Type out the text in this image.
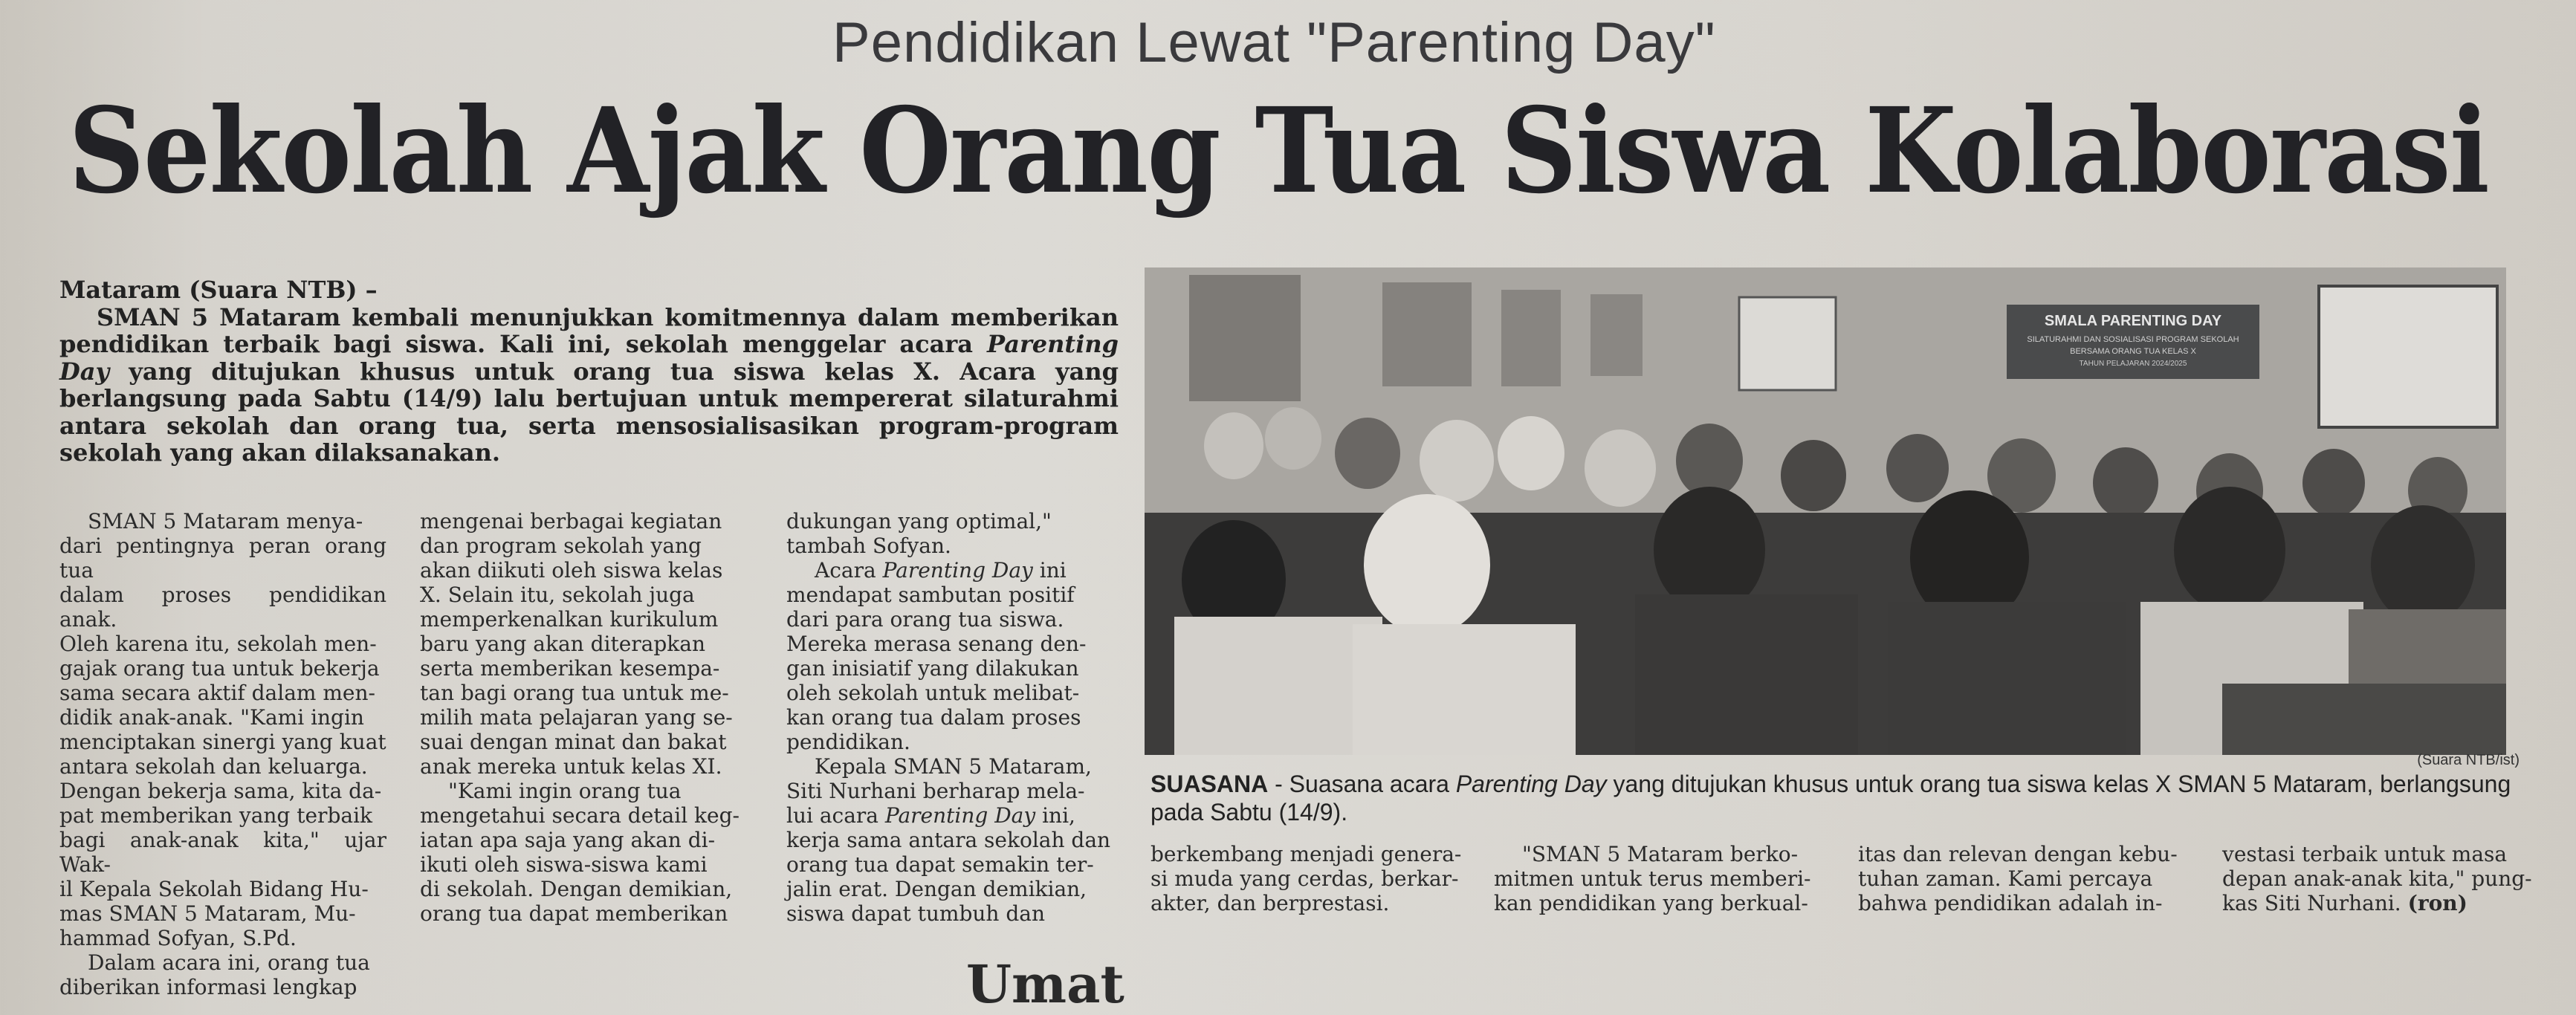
Pendidikan Lewat "Parenting Day"
Sekolah Ajak Orang Tua Siswa Kolaborasi

Mataram (Suara NTB) –

SMAN 5 Mataram kembali menunjukkan komitmennya dalam memberikan pendidikan terbaik bagi siswa. Kali ini, sekolah menggelar acara Parenting Day yang ditujukan khusus untuk orang tua siswa kelas X. Acara yang berlangsung pada Sabtu (14/9) lalu bertujuan untuk mempererat silaturahmi antara sekolah dan orang tua, serta mensosialisasikan program-program sekolah yang akan dilaksanakan.

SMAN 5 Mataram menya-
dari pentingnya peran orang tua
dalam proses pendidikan anak.
Oleh karena itu, sekolah men-
gajak orang tua untuk bekerja
sama secara aktif dalam men-
didik anak-anak. "Kami ingin
menciptakan sinergi yang kuat
antara sekolah dan keluarga.
Dengan bekerja sama, kita da-
pat memberikan yang terbaik
bagi anak-anak kita," ujar Wak-
il Kepala Sekolah Bidang Hu-
mas SMAN 5 Mataram, Mu-
hammad Sofyan, S.Pd.

Dalam acara ini, orang tua
diberikan informasi lengkap

mengenai berbagai kegiatan
dan program sekolah yang
akan diikuti oleh siswa kelas
X. Selain itu, sekolah juga
memperkenalkan kurikulum
baru yang akan diterapkan
serta memberikan kesempa-
tan bagi orang tua untuk me-
milih mata pelajaran yang se-
suai dengan minat dan bakat
anak mereka untuk kelas XI.

"Kami ingin orang tua
mengetahui secara detail keg-
iatan apa saja yang akan di-
ikuti oleh siswa-siswa kami
di sekolah. Dengan demikian,
orang tua dapat memberikan

dukungan yang optimal,"
tambah Sofyan.

Acara Parenting Day ini
mendapat sambutan positif
dari para orang tua siswa.
Mereka merasa senang den-
gan inisiatif yang dilakukan
oleh sekolah untuk melibat-
kan orang tua dalam proses
pendidikan.

Kepala SMAN 5 Mataram,
Siti Nurhani berharap mela-
lui acara Parenting Day ini,
kerja sama antara sekolah dan
orang tua dapat semakin ter-
jalin erat. Dengan demikian,
siswa dapat tumbuh dan

SMALA PARENTING DAY
SILATURAHMI DAN SOSIALISASI PROGRAM SEKOLAH
BERSAMA ORANG TUA KELAS X
TAHUN PELAJARAN 2024/2025
(Suara NTB/ist)
SUASANA - Suasana acara Parenting Day yang ditujukan khusus untuk orang tua siswa kelas X SMAN 5 Mataram, berlangsung pada Sabtu (14/9).

berkembang menjadi genera-
si muda yang cerdas, berkar-
akter, dan berprestasi.

"SMAN 5 Mataram berko-
mitmen untuk terus memberi-
kan pendidikan yang berkual-

itas dan relevan dengan kebu-
tuhan zaman. Kami percaya
bahwa pendidikan adalah in-

vestasi terbaik untuk masa
depan anak-anak kita," pung-
kas Siti Nurhani. (ron)

Umat
